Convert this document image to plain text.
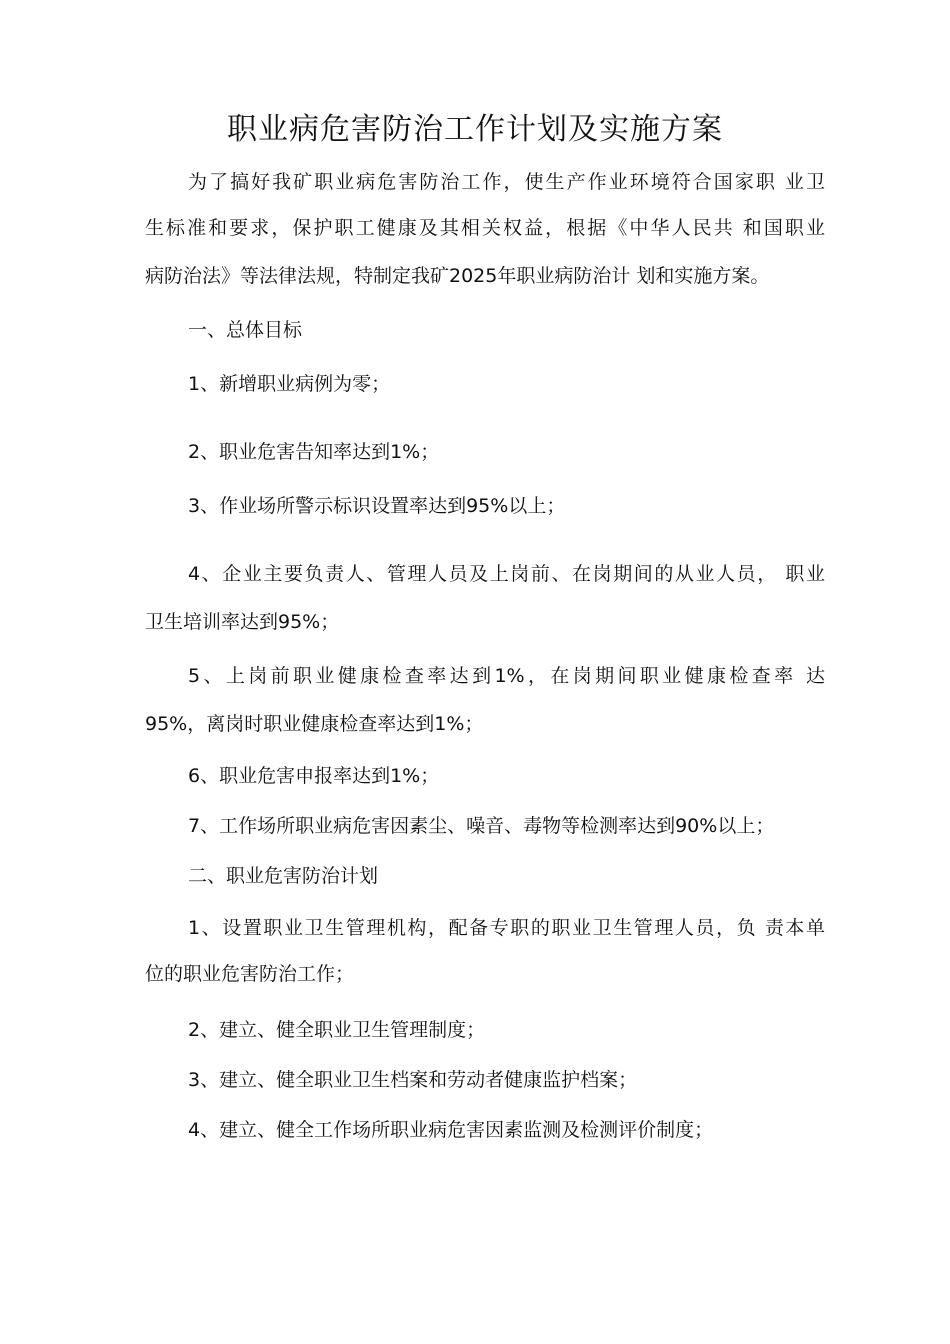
职业病危害防治工作计划及实施方案
为了搞好我矿职业病危害防治工作，使生产作业环境符合国家职 业卫
生标准和要求，保护职工健康及其相关权益，根据《中华人民共 和国职业
病防治法》等法律法规，特制定我矿2025年职业病防治计 划和实施方案。
一、总体目标
1、新增职业病例为零；
2、职业危害告知率达到1%；
3、作业场所警示标识设置率达到95%以上；
4、企业主要负责人、管理人员及上岗前、在岗期间的从业人员， 职业
卫生培训率达到95%；
5、上岗前职业健康检查率达到1%，在岗期间职业健康检查率 达
95%，离岗时职业健康检查率达到1%；
6、职业危害申报率达到1%；
7、工作场所职业病危害因素尘、噪音、毒物等检测率达到90%以上；
二、职业危害防治计划
1、设置职业卫生管理机构，配备专职的职业卫生管理人员，负 责本单
位的职业危害防治工作；
2、建立、健全职业卫生管理制度；
3、建立、健全职业卫生档案和劳动者健康监护档案；
4、建立、健全工作场所职业病危害因素监测及检测评价制度；
